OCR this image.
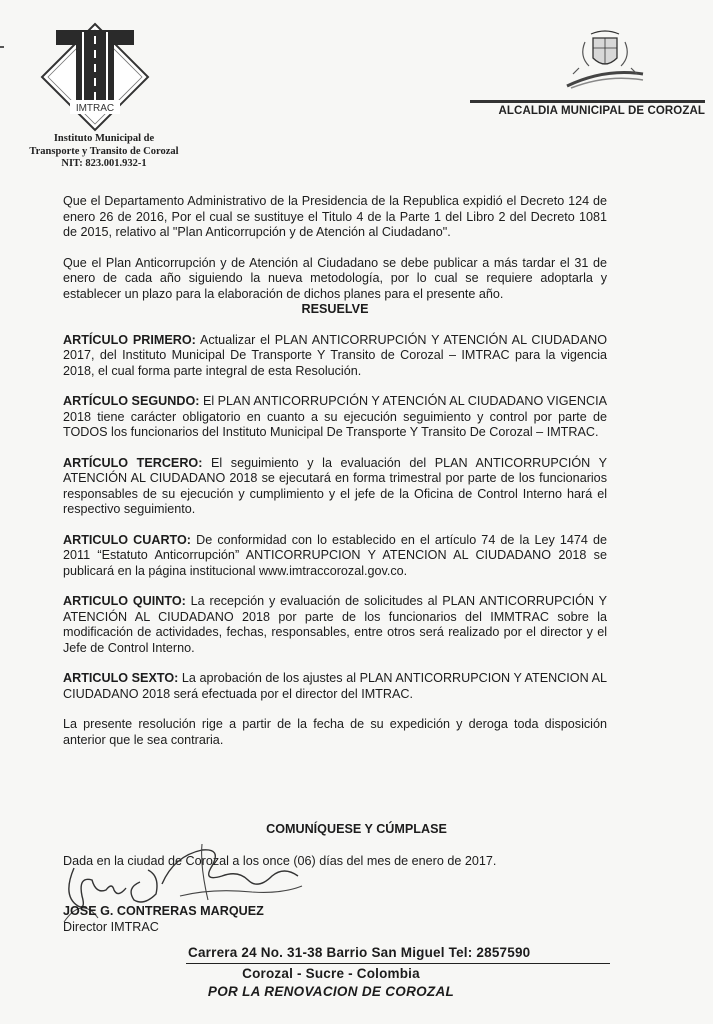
IMTRAC
Instituto Municipal de
Transporte y Transito de Corozal
NIT: 823.001.932-1
ALCALDIA MUNICIPAL DE COROZAL

Que el Departamento Administrativo de la Presidencia de la Republica expidió el Decreto 124 de enero 26 de 2016, Por el cual se sustituye el Titulo 4 de la Parte 1 del Libro 2 del Decreto 1081 de 2015, relativo al "Plan Anticorrupción y de Atención al Ciudadano".

Que el Plan Anticorrupción y de Atención al Ciudadano se debe publicar a más tardar el 31 de enero de cada año siguiendo la nueva metodología, por lo cual se requiere adoptarla y establecer un plazo para la elaboración de dichos planes para el presente año.

RESUELVE

ARTÍCULO PRIMERO: Actualizar el PLAN ANTICORRUPCIÓN Y ATENCIÓN AL CIUDADANO 2017, del Instituto Municipal De Transporte Y Transito de Corozal – IMTRAC para la vigencia 2018, el cual forma parte integral de esta Resolución.

ARTÍCULO SEGUNDO: El PLAN ANTICORRUPCIÓN Y ATENCIÓN AL CIUDADANO VIGENCIA 2018 tiene carácter obligatorio en cuanto a su ejecución seguimiento y control por parte de TODOS los funcionarios del Instituto Municipal De Transporte Y Transito De Corozal – IMTRAC.

ARTÍCULO TERCERO: El seguimiento y la evaluación del PLAN ANTICORRUPCIÓN Y ATENCIÓN AL CIUDADANO 2018 se ejecutará en forma trimestral por parte de los funcionarios responsables de su ejecución y cumplimiento y el jefe de la Oficina de Control Interno hará el respectivo seguimiento.

ARTICULO CUARTO: De conformidad con lo establecido en el artículo 74 de la Ley 1474 de 2011 “Estatuto Anticorrupción” ANTICORRUPCION Y ATENCION AL CIUDADANO 2018 se publicará en la página institucional www.imtraccorozal.gov.co.

ARTICULO QUINTO: La recepción y evaluación de solicitudes al PLAN ANTICORRUPCIÓN Y ATENCIÓN AL CIUDADANO 2018 por parte de los funcionarios del IMMTRAC sobre la modificación de actividades, fechas, responsables, entre otros será realizado por el director y el Jefe de Control Interno.

ARTICULO SEXTO: La aprobación de los ajustes al PLAN ANTICORRUPCION Y ATENCION AL CIUDADANO 2018 será efectuada por el director del IMTRAC.

La presente resolución rige a partir de la fecha de su expedición y deroga toda disposición anterior que le sea contraria.

COMUNÍQUESE Y CÚMPLASE
Dada en la ciudad de Corozal a los once (06) días del mes de enero de 2017.
JOSE G. CONTRERAS MARQUEZ
Director IMTRAC
Carrera 24 No. 31-38 Barrio San Miguel Tel: 2857590
Corozal - Sucre - Colombia
POR LA RENOVACION DE COROZAL
